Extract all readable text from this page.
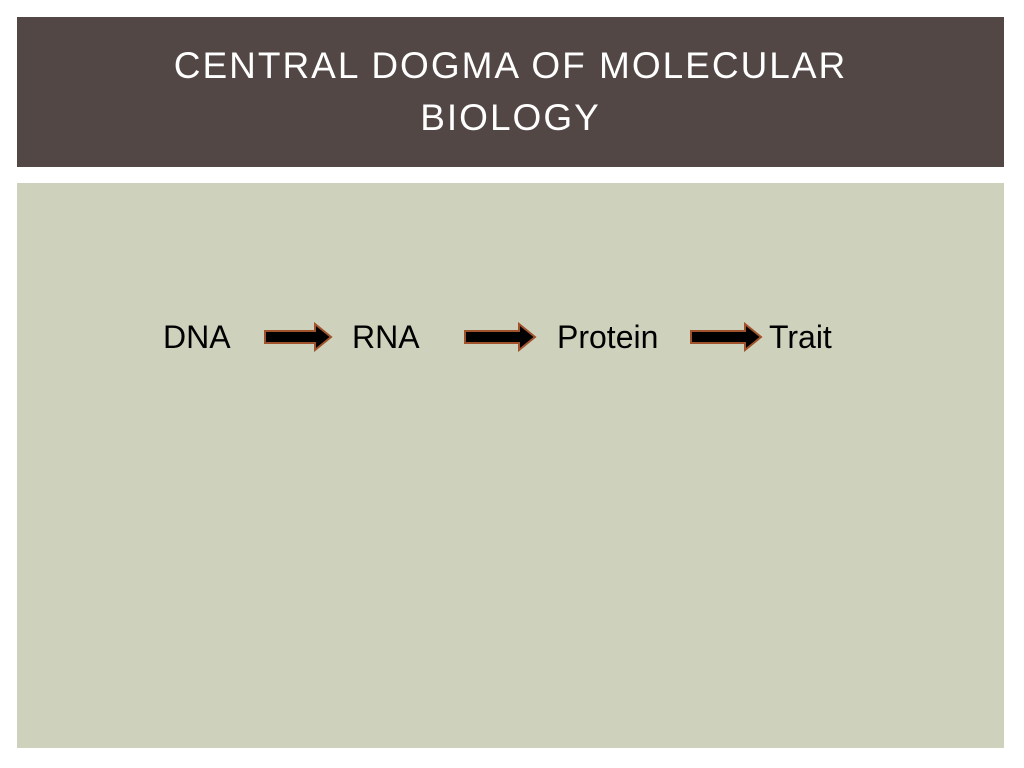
CENTRAL DOGMA OF MOLECULAR BIOLOGY
DNA	RNA	Protein	Trait
